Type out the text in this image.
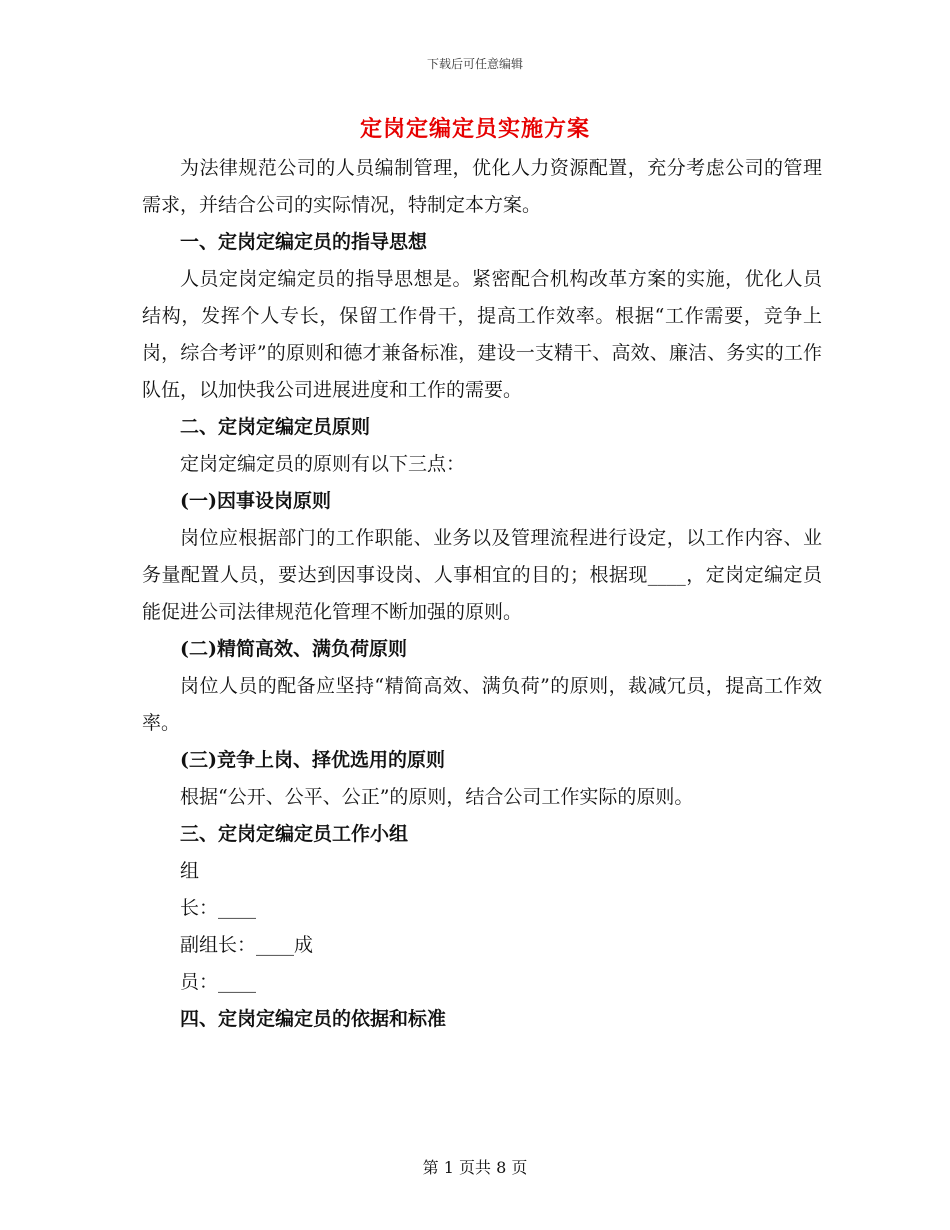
下载后可任意编辑
定岗定编定员实施方案

为法律规范公司的人员编制管理，优化人力资源配置，充分考虑公司的管理需求，并结合公司的实际情况，特制定本方案。

一、定岗定编定员的指导思想

人员定岗定编定员的指导思想是。紧密配合机构改革方案的实施，优化人员结构，发挥个人专长，保留工作骨干，提高工作效率。根据“工作需要，竞争上岗，综合考评”的原则和德才兼备标准，建设一支精干、高效、廉洁、务实的工作队伍，以加快我公司进展进度和工作的需要。

二、定岗定编定员原则

定岗定编定员的原则有以下三点：

(一)因事设岗原则

岗位应根据部门的工作职能、业务以及管理流程进行设定，以工作内容、业务量配置人员，要达到因事设岗、人事相宜的目的；根据现____，定岗定编定员能促进公司法律规范化管理不断加强的原则。

(二)精简高效、满负荷原则

岗位人员的配备应坚持“精简高效、满负荷”的原则，裁减冗员，提高工作效率。

(三)竞争上岗、择优选用的原则

根据“公开、公平、公正”的原则，结合公司工作实际的原则。

三、定岗定编定员工作小组

组

长：____

副组长：____成

员：____

四、定岗定编定员的依据和标准

第 1 页共 8 页
